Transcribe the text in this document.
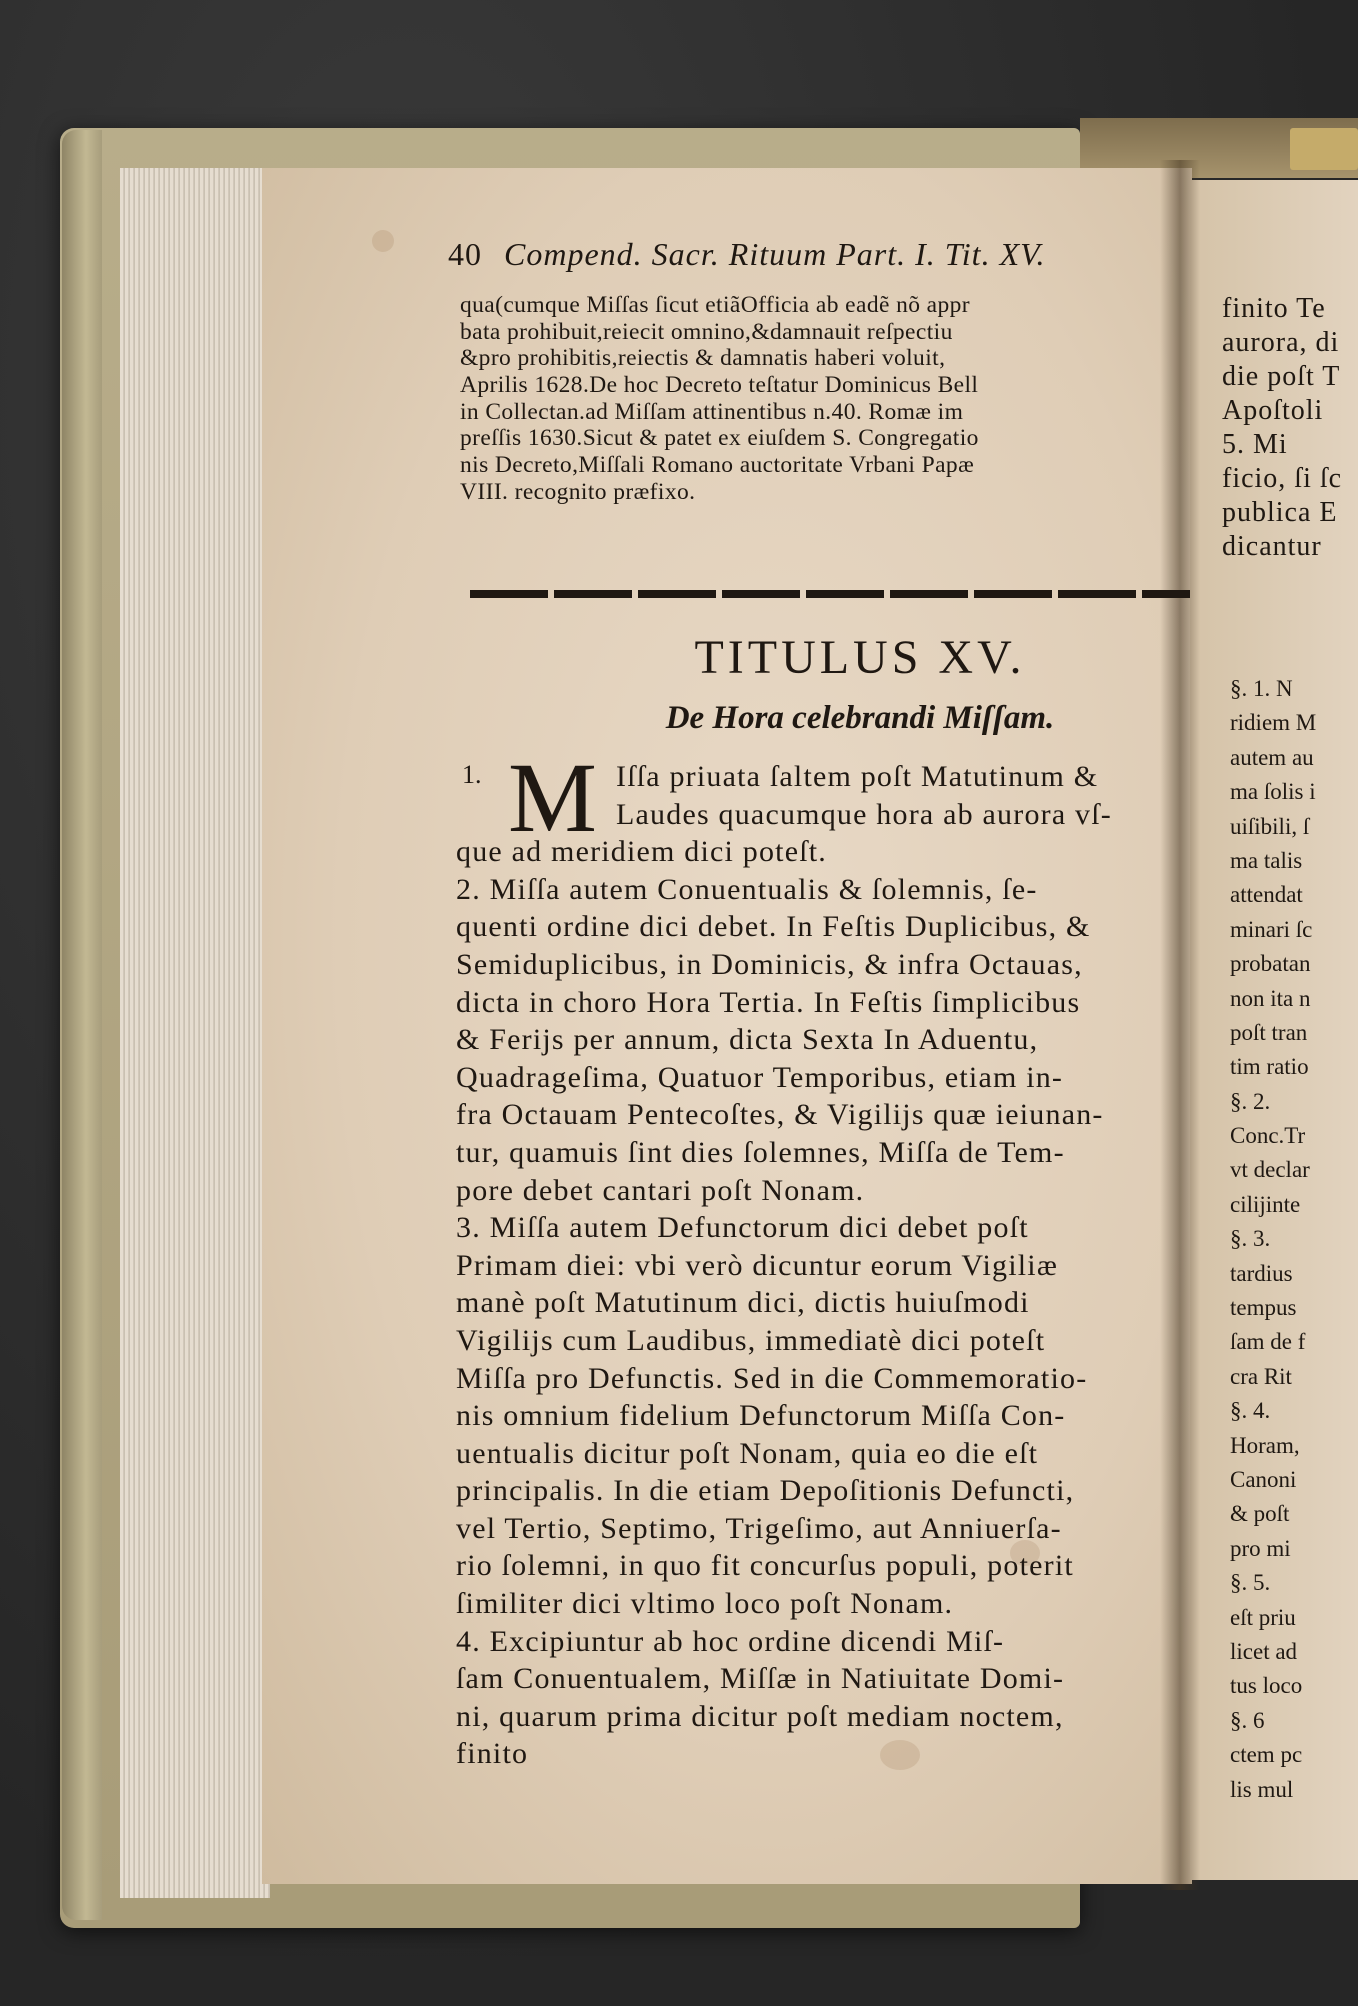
40 Compend. Sacr. Rituum Part. I. Tit. XV.
qua(cumque Miſſas ſicut etiãOfficia ab eadẽ nõ appr
bata prohibuit,reiecit omnino,&damnauit reſpectiu
&pro prohibitis,reiectis & damnatis haberi voluit,
Aprilis 1628.De hoc Decreto teſtatur Dominicus Bell
in Collectan.ad Miſſam attinentibus n.40. Romæ im
preſſis 1630.Sicut & patet ex eiuſdem S. Congregatio
nis Decreto,Miſſali Romano auctoritate Vrbani Papæ
VIII. recognito præfixo.
TITULUS XV.
De Hora celebrandi Miſſam.
1. M Iſſa priuata ſaltem poſt Matutinum &
Laudes quacumque hora ab aurora vſ-
que ad meridiem dici poteſt.
2. Miſſa autem Conuentualis & ſolemnis, ſe-
quenti ordine dici debet. In Feſtis Duplicibus, &
Semiduplicibus, in Dominicis, & infra Octauas,
dicta in choro Hora Tertia. In Feſtis ſimplicibus
& Ferijs per annum, dicta Sexta In Aduentu,
Quadrageſima, Quatuor Temporibus, etiam in-
fra Octauam Pentecoſtes, & Vigilijs quæ ieiunan-
tur, quamuis ſint dies ſolemnes, Miſſa de Tem-
pore debet cantari poſt Nonam.
3. Miſſa autem Defunctorum dici debet poſt
Primam diei: vbi verò dicuntur eorum Vigiliæ
manè poſt Matutinum dici, dictis huiuſmodi
Vigilijs cum Laudibus, immediatè dici poteſt
Miſſa pro Defunctis. Sed in die Commemoratio-
nis omnium fidelium Defunctorum Miſſa Con-
uentualis dicitur poſt Nonam, quia eo die eſt
principalis. In die etiam Depoſitionis Defuncti,
vel Tertio, Septimo, Trigeſimo, aut Anniuerſa-
rio ſolemni, in quo fit concurſus populi, poterit
ſimiliter dici vltimo loco poſt Nonam.
4. Excipiuntur ab hoc ordine dicendi Miſ-
ſam Conuentualem, Miſſæ in Natiuitate Domi-
ni, quarum prima dicitur poſt mediam noctem,
finito
finito Te
aurora, di
die poſt T
Apoſtoli
5. Mi
ficio, ſi ſc
publica E
dicantur
§. 1. N
ridiem M
autem au
ma ſolis i
uiſibili, ſ
ma talis
attendat
minari ſc
probatan
non ita n
poſt tran
tim ratio
§. 2.
Conc.Tr
vt declar
cilijinte
§. 3.
tardius
tempus
ſam de f
cra Rit
§. 4.
Horam,
Canoni
& poſt
pro mi
§. 5.
eſt priu
licet ad
tus loco
§. 6
ctem pc
lis mul
